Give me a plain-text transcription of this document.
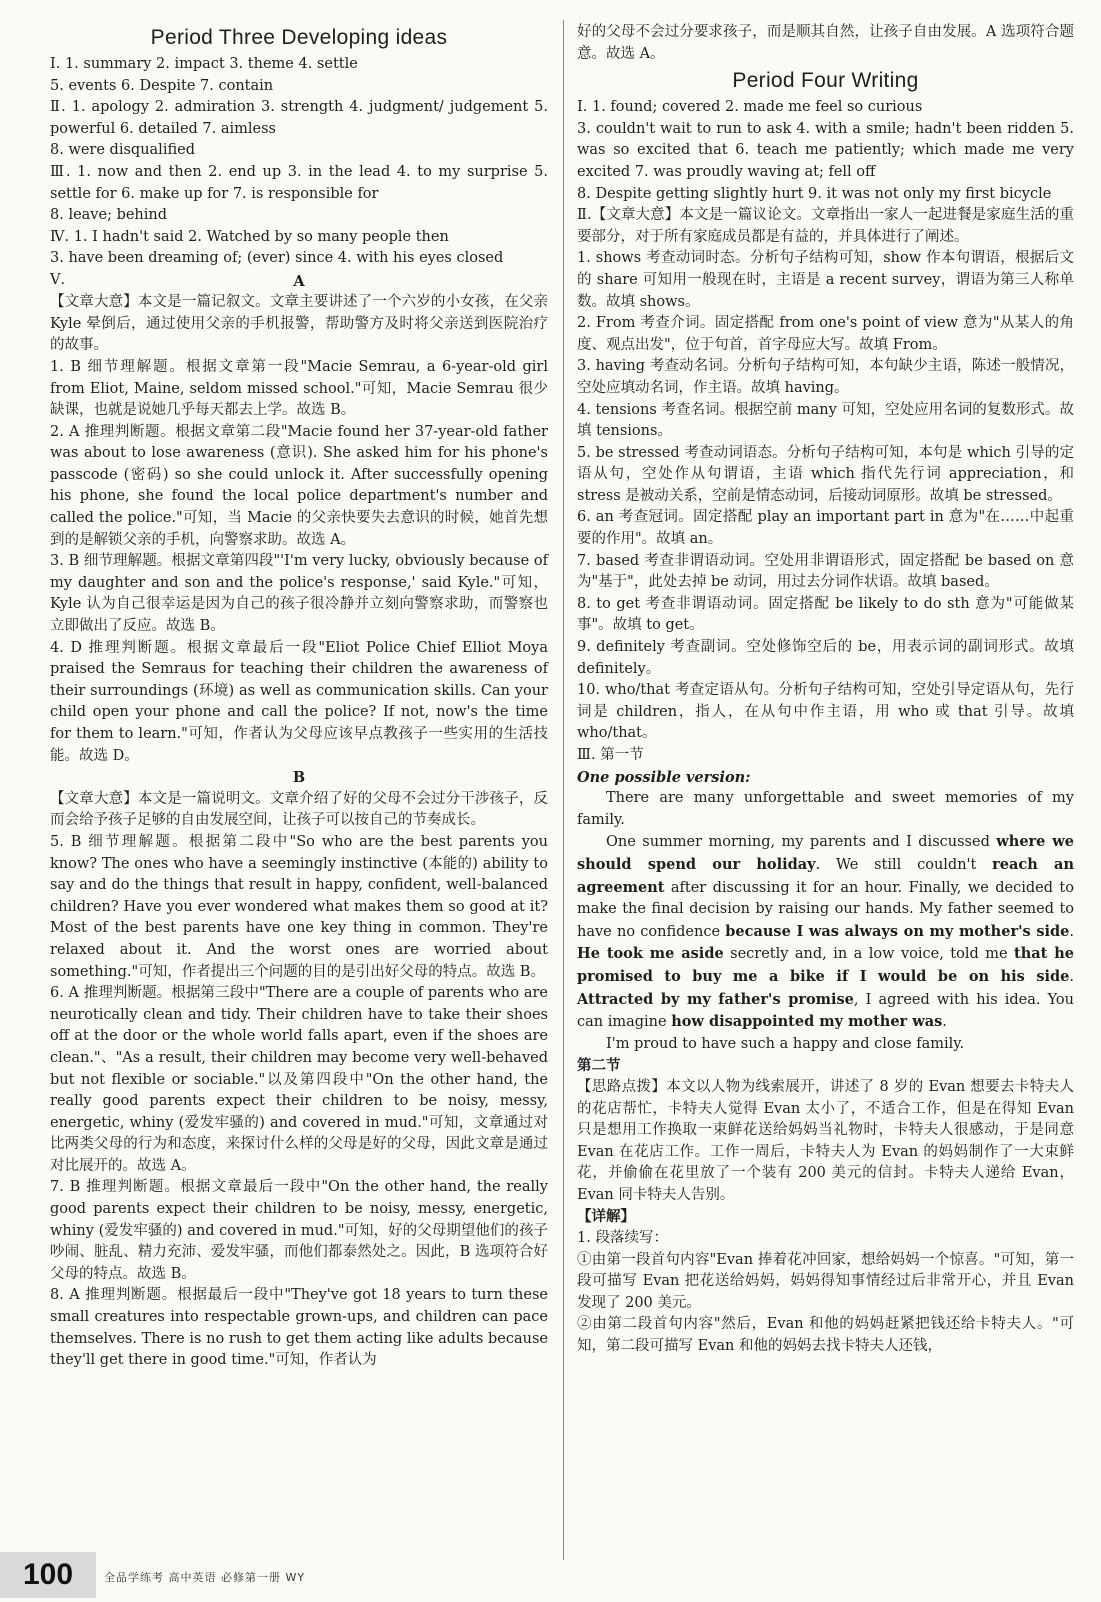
Period Three Developing ideas

Ⅰ. 1. summary 2. impact 3. theme 4. settle

5. events 6. Despite 7. contain

Ⅱ. 1. apology 2. admiration 3. strength 4. judgment/ judgement 5. powerful 6. detailed 7. aimless

8. were disqualified

Ⅲ. 1. now and then 2. end up 3. in the lead 4. to my surprise 5. settle for 6. make up for 7. is responsible for

8. leave; behind

Ⅳ. 1. I hadn't said 2. Watched by so many people then

3. have been dreaming of; (ever) since 4. with his eyes closed

Ⅴ.	A

【文章大意】本文是一篇记叙文。文章主要讲述了一个六岁的小女孩，在父亲 Kyle 晕倒后，通过使用父亲的手机报警，帮助警方及时将父亲送到医院治疗的故事。

1. B 细节理解题。根据文章第一段"Macie Semrau, a 6-year-old girl from Eliot, Maine, seldom missed school."可知，Macie Semrau 很少缺课，也就是说她几乎每天都去上学。故选 B。

2. A 推理判断题。根据文章第二段"Macie found her 37-year-old father was about to lose awareness (意识). She asked him for his phone's passcode (密码) so she could unlock it. After successfully opening his phone, she found the local police department's number and called the police."可知，当 Macie 的父亲快要失去意识的时候，她首先想到的是解锁父亲的手机，向警察求助。故选 A。

3. B 细节理解题。根据文章第四段"'I'm very lucky, obviously because of my daughter and son and the police's response,' said Kyle."可知，Kyle 认为自己很幸运是因为自己的孩子很冷静并立刻向警察求助，而警察也立即做出了反应。故选 B。

4. D 推理判断题。根据文章最后一段"Eliot Police Chief Elliot Moya praised the Semraus for teaching their children the awareness of their surroundings (环境) as well as communication skills. Can your child open your phone and call the police? If not, now's the time for them to learn."可知，作者认为父母应该早点教孩子一些实用的生活技能。故选 D。

B

【文章大意】本文是一篇说明文。文章介绍了好的父母不会过分干涉孩子，反而会给予孩子足够的自由发展空间，让孩子可以按自己的节奏成长。

5. B 细节理解题。根据第二段中"So who are the best parents you know? The ones who have a seemingly instinctive (本能的) ability to say and do the things that result in happy, confident, well-balanced children? Have you ever wondered what makes them so good at it? Most of the best parents have one key thing in common. They're relaxed about it. And the worst ones are worried about something."可知，作者提出三个问题的目的是引出好父母的特点。故选 B。

6. A 推理判断题。根据第三段中"There are a couple of parents who are neurotically clean and tidy. Their children have to take their shoes off at the door or the whole world falls apart, even if the shoes are clean."、"As a result, their children may become very well-behaved but not flexible or sociable."以及第四段中"On the other hand, the really good parents expect their children to be noisy, messy, energetic, whiny (爱发牢骚的) and covered in mud."可知，文章通过对比两类父母的行为和态度，来探讨什么样的父母是好的父母，因此文章是通过对比展开的。故选 A。

7. B 推理判断题。根据文章最后一段中"On the other hand, the really good parents expect their children to be noisy, messy, energetic, whiny (爱发牢骚的) and covered in mud."可知，好的父母期望他们的孩子吵闹、脏乱、精力充沛、爱发牢骚，而他们都泰然处之。因此，B 选项符合好父母的特点。故选 B。

8. A 推理判断题。根据最后一段中"They've got 18 years to turn these small creatures into respectable grown-ups, and children can pace themselves. There is no rush to get them acting like adults because they'll get there in good time."可知，作者认为

好的父母不会过分要求孩子，而是顺其自然，让孩子自由发展。A 选项符合题意。故选 A。

Period Four Writing

Ⅰ. 1. found; covered 2. made me feel so curious

3. couldn't wait to run to ask 4. with a smile; hadn't been ridden 5. was so excited that 6. teach me patiently; which made me very excited 7. was proudly waving at; fell off

8. Despite getting slightly hurt 9. it was not only my first bicycle

Ⅱ.【文章大意】本文是一篇议论文。文章指出一家人一起进餐是家庭生活的重要部分，对于所有家庭成员都是有益的，并具体进行了阐述。

1. shows 考查动词时态。分析句子结构可知，show 作本句谓语，根据后文的 share 可知用一般现在时，主语是 a recent survey，谓语为第三人称单数。故填 shows。

2. From 考查介词。固定搭配 from one's point of view 意为"从某人的角度、观点出发"，位于句首，首字母应大写。故填 From。

3. having 考查动名词。分析句子结构可知，本句缺少主语，陈述一般情况，空处应填动名词，作主语。故填 having。

4. tensions 考查名词。根据空前 many 可知，空处应用名词的复数形式。故填 tensions。

5. be stressed 考查动词语态。分析句子结构可知，本句是 which 引导的定语从句，空处作从句谓语，主语 which 指代先行词 appreciation，和 stress 是被动关系，空前是情态动词，后接动词原形。故填 be stressed。

6. an 考查冠词。固定搭配 play an important part in 意为"在……中起重要的作用"。故填 an。

7. based 考查非谓语动词。空处用非谓语形式，固定搭配 be based on 意为"基于"，此处去掉 be 动词，用过去分词作状语。故填 based。

8. to get 考查非谓语动词。固定搭配 be likely to do sth 意为"可能做某事"。故填 to get。

9. definitely 考查副词。空处修饰空后的 be，用表示词的副词形式。故填 definitely。

10. who/that 考查定语从句。分析句子结构可知，空处引导定语从句，先行词是 children，指人，在从句中作主语，用 who 或 that 引导。故填 who/that。

Ⅲ. 第一节

One possible version:

There are many unforgettable and sweet memories of my family.

One summer morning, my parents and I discussed where we should spend our holiday. We still couldn't reach an agreement after discussing it for an hour. Finally, we decided to make the final decision by raising our hands. My father seemed to have no confidence because I was always on my mother's side. He took me aside secretly and, in a low voice, told me that he promised to buy me a bike if I would be on his side. Attracted by my father's promise, I agreed with his idea. You can imagine how disappointed my mother was.

I'm proud to have such a happy and close family.

第二节

【思路点拨】本文以人物为线索展开，讲述了 8 岁的 Evan 想要去卡特夫人的花店帮忙，卡特夫人觉得 Evan 太小了，不适合工作，但是在得知 Evan 只是想用工作换取一束鲜花送给妈妈当礼物时，卡特夫人很感动，于是同意 Evan 在花店工作。工作一周后，卡特夫人为 Evan 的妈妈制作了一大束鲜花，并偷偷在花里放了一个装有 200 美元的信封。卡特夫人递给 Evan，Evan 同卡特夫人告别。

【详解】

1. 段落续写：

①由第一段首句内容"Evan 捧着花冲回家，想给妈妈一个惊喜。"可知，第一段可描写 Evan 把花送给妈妈，妈妈得知事情经过后非常开心，并且 Evan 发现了 200 美元。

②由第二段首句内容"然后，Evan 和他的妈妈赶紧把钱还给卡特夫人。"可知，第二段可描写 Evan 和他的妈妈去找卡特夫人还钱，

100	全品学练考 高中英语 必修第一册 WY
